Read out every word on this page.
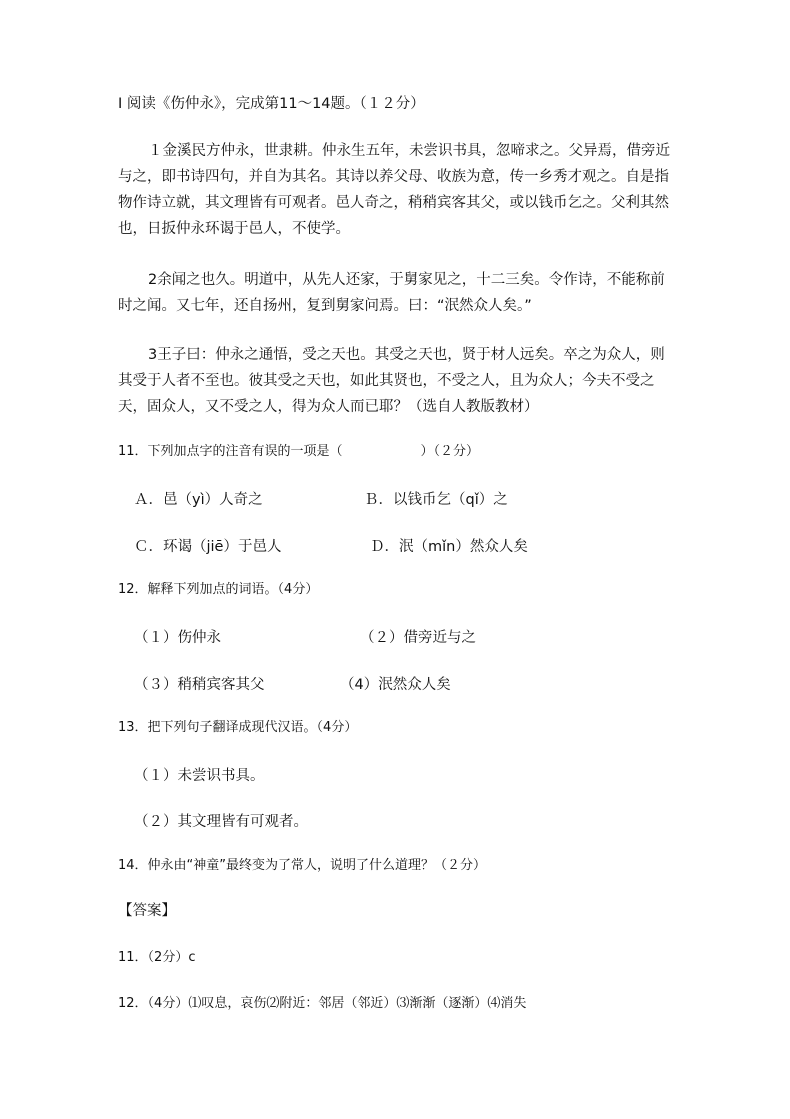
Ⅰ 阅读《伤仲永》，完成第11～14题。（１２分）

１金溪民方仲永，世隶耕。仲永生五年，未尝识书具，忽啼求之。父异焉，借旁近与之，即书诗四句，并自为其名。其诗以养父母、收族为意，传一乡秀才观之。自是指物作诗立就，其文理皆有可观者。邑人奇之，稍稍宾客其父，或以钱币乞之。父利其然也，日扳仲永环谒于邑人，不使学。

2余闻之也久。明道中，从先人还家，于舅家见之，十二三矣。令作诗，不能称前时之闻。又七年，还自扬州，复到舅家问焉。曰：“泯然众人矣。”

3王子曰：仲永之通悟，受之天也。其受之天也，贤于材人远矣。卒之为众人，则其受于人者不至也。彼其受之天也，如此其贤也，不受之人，且为众人；今夫不受之天，固众人，又不受之人，得为众人而已耶？（选自人教版教材）

11．下列加点字的注音有误的一项是（　　　　　　）（２分）
Ａ．邑（yì）人奇之	Ｂ．以钱币乞（qǐ）之
Ｃ．环谒（jiē）于邑人	Ｄ．泯（mǐn）然众人矣
12．解释下列加点的词语。（4分）
（１）伤仲永	（２）借旁近与之
（３）稍稍宾客其父	（4）泯然众人矣
13．把下列句子翻译成现代汉语。（4分）
（１）未尝识书具。
（２）其文理皆有可观者。
14．仲永由“神童”最终变为了常人，说明了什么道理？（２分）
【答案】
11．（2分）c
12．（4分）⑴叹息，哀伤⑵附近：邻居（邻近）⑶渐渐（逐渐）⑷消失
